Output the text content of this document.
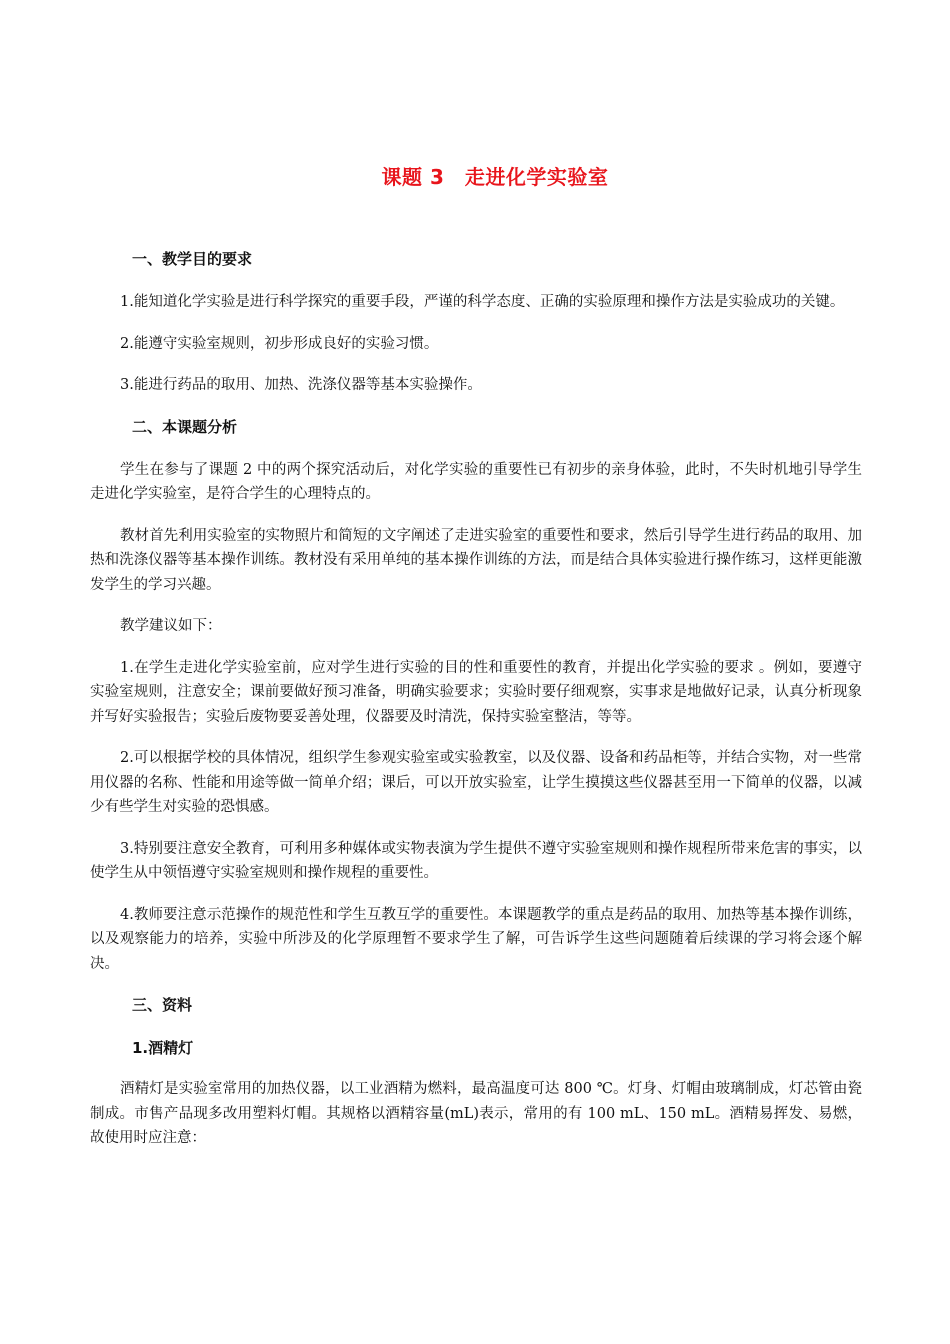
课题 3　走进化学实验室
一、教学目的要求

1.能知道化学实验是进行科学探究的重要手段，严谨的科学态度、正确的实验原理和操作方法是实验成功的关键。

2.能遵守实验室规则，初步形成良好的实验习惯。

3.能进行药品的取用、加热、洗涤仪器等基本实验操作。

二、本课题分析

学生在参与了课题 2 中的两个探究活动后，对化学实验的重要性已有初步的亲身体验，此时，不失时机地引导学生走进化学实验室，是符合学生的心理特点的。

教材首先利用实验室的实物照片和简短的文字阐述了走进实验室的重要性和要求，然后引导学生进行药品的取用、加热和洗涤仪器等基本操作训练。教材没有采用单纯的基本操作训练的方法，而是结合具体实验进行操作练习，这样更能激发学生的学习兴趣。

教学建议如下：

1.在学生走进化学实验室前，应对学生进行实验的目的性和重要性的教育，并提出化学实验的要求 。例如，要遵守实验室规则，注意安全；课前要做好预习准备，明确实验要求；实验时要仔细观察，实事求是地做好记录，认真分析现象并写好实验报告；实验后废物要妥善处理，仪器要及时清洗，保持实验室整洁，等等。

2.可以根据学校的具体情况，组织学生参观实验室或实验教室，以及仪器、设备和药品柜等，并结合实物，对一些常用仪器的名称、性能和用途等做一简单介绍；课后，可以开放实验室，让学生摸摸这些仪器甚至用一下简单的仪器，以减少有些学生对实验的恐惧感。

3.特别要注意安全教育，可利用多种媒体或实物表演为学生提供不遵守实验室规则和操作规程所带来危害的事实，以使学生从中领悟遵守实验室规则和操作规程的重要性。

4.教师要注意示范操作的规范性和学生互教互学的重要性。本课题教学的重点是药品的取用、加热等基本操作训练，以及观察能力的培养，实验中所涉及的化学原理暂不要求学生了解，可告诉学生这些问题随着后续课的学习将会逐个解决。

三、资料
1.酒精灯

酒精灯是实验室常用的加热仪器，以工业酒精为燃料，最高温度可达 800 ℃。灯身、灯帽由玻璃制成，灯芯管由瓷制成。市售产品现多改用塑料灯帽。其规格以酒精容量(mL)表示，常用的有 100 mL、150 mL。酒精易挥发、易燃，故使用时应注意：
